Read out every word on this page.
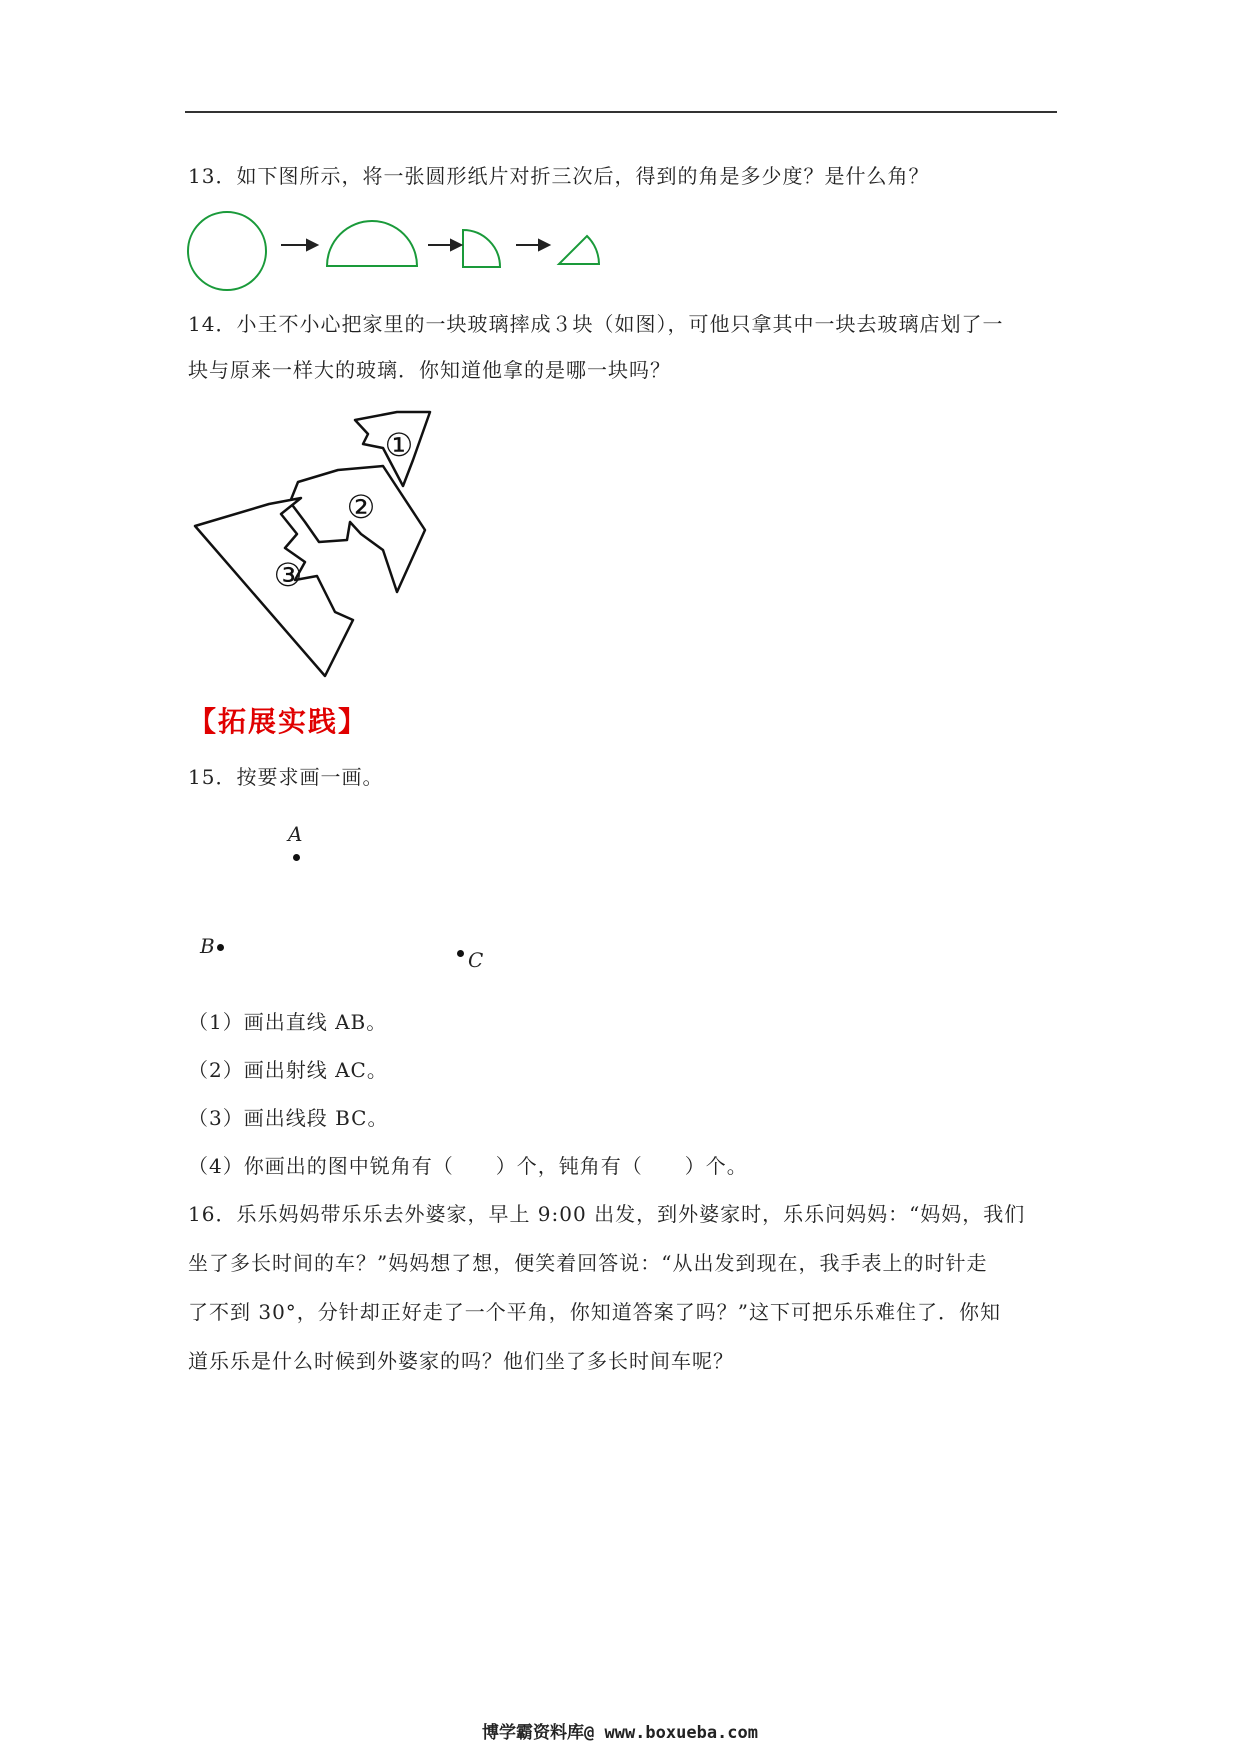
13．如下图所示，将一张圆形纸片对折三次后，得到的角是多少度？是什么角？
14．小王不小心把家里的一块玻璃摔成３块（如图），可他只拿其中一块去玻璃店划了一
块与原来一样大的玻璃．你知道他拿的是哪一块吗？
①
②
③
【拓展实践】
15．按要求画一画。
A
B
C
（1）画出直线 AB。
（2）画出射线 AC。
（3）画出线段 BC。
（4）你画出的图中锐角有（　　）个，钝角有（　　）个。
16．乐乐妈妈带乐乐去外婆家，早上 9:00 出发，到外婆家时，乐乐问妈妈：“妈妈，我们
坐了多长时间的车？”妈妈想了想，便笑着回答说：“从出发到现在，我手表上的时针走
了不到 30°，分针却正好走了一个平角，你知道答案了吗？”这下可把乐乐难住了．你知
道乐乐是什么时候到外婆家的吗？他们坐了多长时间车呢？
博学霸资料库@ www.boxueba.com
